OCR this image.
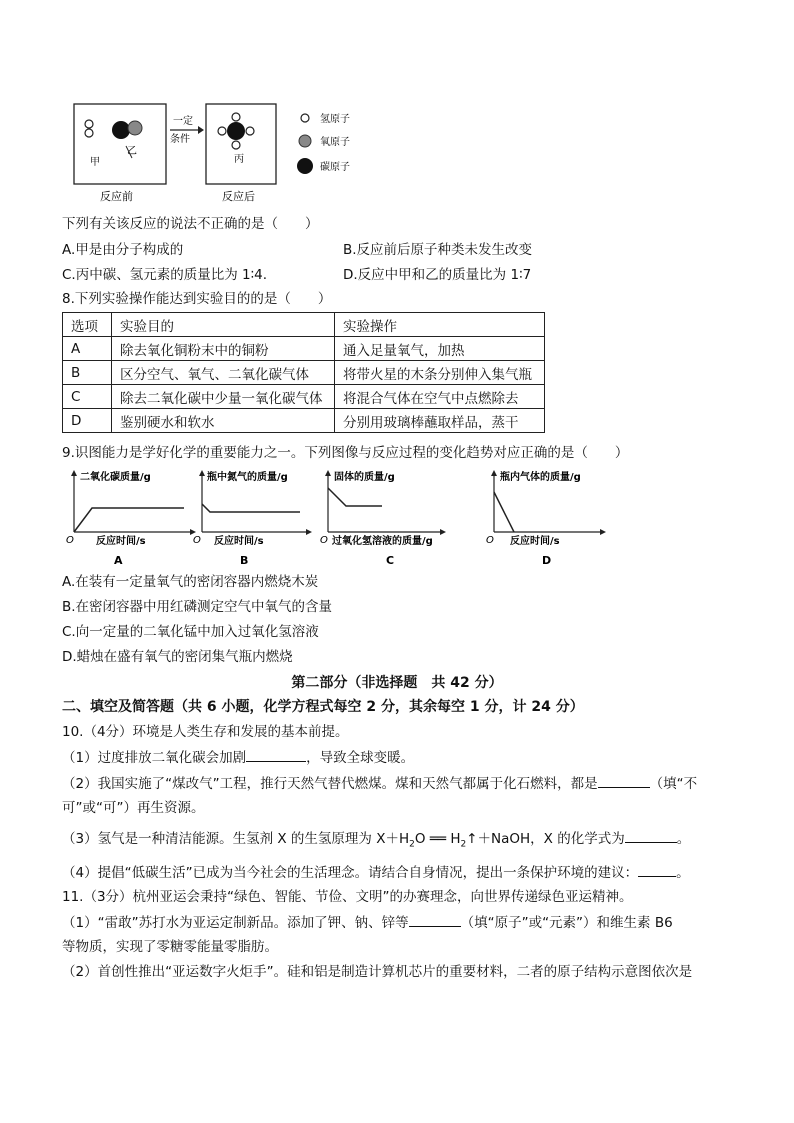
甲
乙
反应前
一定
条件
丙
反应后
氢原子
氧原子
碳原子
下列有关该反应的说法不正确的是（　　）
A.甲是由分子构成的	B.反应前后原子种类未发生改变
C.丙中碳、氢元素的质量比为 1∶4.	D.反应中甲和乙的质量比为 1∶7
8.下列实验操作能达到实验目的的是（　　）
选项	实验目的	实验操作
A	除去氧化铜粉末中的铜粉	通入足量氧气，加热
B	区分空气、氧气、二氧化碳气体	将带火星的木条分别伸入集气瓶
C	除去二氧化碳中少量一氧化碳气体	将混合气体在空气中点燃除去
D	鉴别硬水和软水	分别用玻璃棒蘸取样品，蒸干
9.识图能力是学好化学的重要能力之一。下列图像与反应过程的变化趋势对应正确的是（　　）
二氧化碳质量/g
O 反应时间/s
A
瓶中氮气的质量/g
O 反应时间/s
B
固体的质量/g
O 过氧化氢溶液的质量/g
C
瓶内气体的质量/g
O 反应时间/s
D
A.在装有一定量氧气的密闭容器内燃烧木炭
B.在密闭容器中用红磷测定空气中氧气的含量
C.向一定量的二氧化锰中加入过氧化氢溶液
D.蜡烛在盛有氧气的密闭集气瓶内燃烧
第二部分（非选择题　共 42 分）
二、填空及简答题（共 6 小题，化学方程式每空 2 分，其余每空 1 分，计 24 分）
10.（4分）环境是人类生存和发展的基本前提。
（1）过度排放二氧化碳会加剧	，导致全球变暖。
（2）我国实施了“煤改气”工程，推行天然气替代燃煤。煤和天然气都属于化石燃料，都是	（填“不
可”或“可”）再生资源。
（3）氢气是一种清洁能源。生氢剂 X 的生氢原理为 $X+H_2O$ ══ $H_2↑+NaOH$，X 的化学式为	。
（4）提倡“低碳生活”已成为当今社会的生活理念。请结合自身情况，提出一条保护环境的建议：	。
11.（3分）杭州亚运会秉持“绿色、智能、节俭、文明”的办赛理念，向世界传递绿色亚运精神。
（1）“雷敢”苏打水为亚运定制新品。添加了钾、钠、锌等	（填“原子”或“元素”）和维生素 B6
等物质，实现了零糖零能量零脂肪。
（2）首创性推出“亚运数字火炬手”。硅和铝是制造计算机芯片的重要材料，二者的原子结构示意图依次是
